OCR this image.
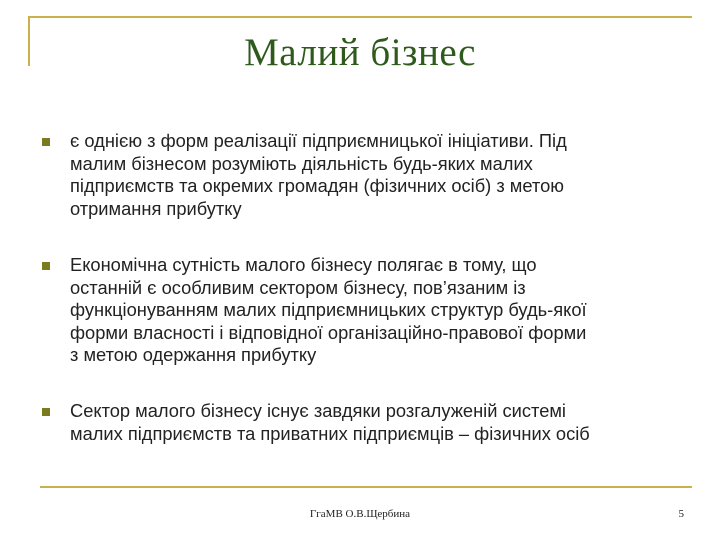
Малий бізнес
є однією з форм реалізації підприємницької ініціативи. Під
малим бізнесом розуміють діяльність будь-яких малих
підприємств та окремих громадян (фізичних осіб) з метою
отримання прибутку
Економічна сутність малого бізнесу полягає в тому, що
останній є особливим сектором бізнесу, пов’язаним із
функціонуванням малих підприємницьких структур будь-якої
форми власності і відповідної організаційно-правової форми
з метою одержання прибутку
Сектор малого бізнесу існує завдяки розгалуженій системі
малих підприємств та приватних підприємців – фізичних осіб
ГгаМВ О.В.Щербина	5
